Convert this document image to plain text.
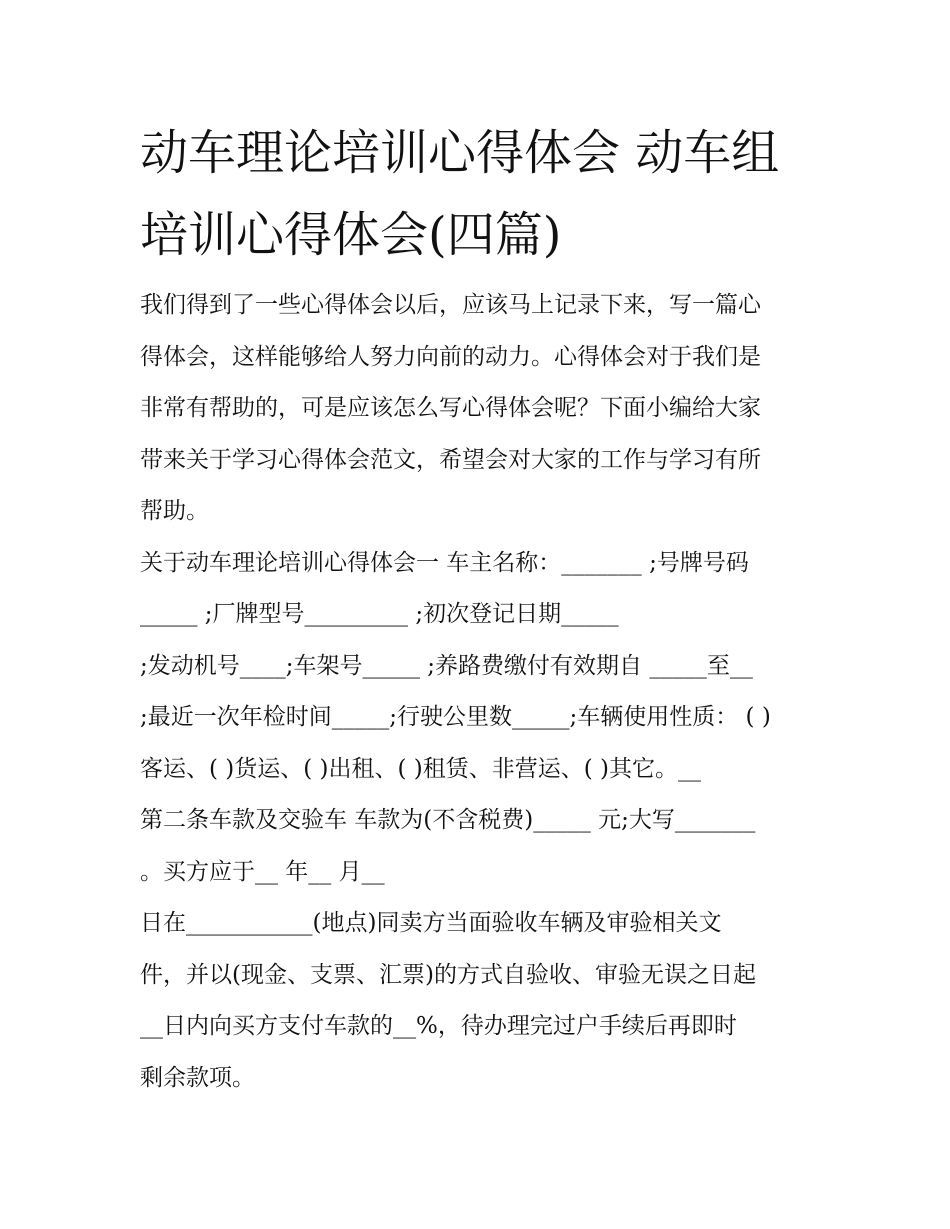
动车理论培训心得体会 动车组
培训心得体会(四篇)
我们得到了一些心得体会以后，应该马上记录下来，写一篇心
得体会，这样能够给人努力向前的动力。心得体会对于我们是
非常有帮助的，可是应该怎么写心得体会呢？下面小编给大家
带来关于学习心得体会范文，希望会对大家的工作与学习有所
帮助。
关于动车理论培训心得体会一 车主名称：_______ ;号牌号码
_____ ;厂牌型号_________ ;初次登记日期_____
;发动机号____;车架号_____ ;养路费缴付有效期自 _____至__
;最近一次年检时间_____;行驶公里数_____;车辆使用性质： ( )
客运、( )货运、( )出租、( )租赁、非营运、( )其它。__
第二条车款及交验车 车款为(不含税费)_____ 元;大写_______
。买方应于__ 年__ 月__
日在___________(地点)同卖方当面验收车辆及审验相关文
件，并以(现金、支票、汇票)的方式自验收、审验无误之日起
__日内向买方支付车款的__%，待办理完过户手续后再即时
剩余款项。
